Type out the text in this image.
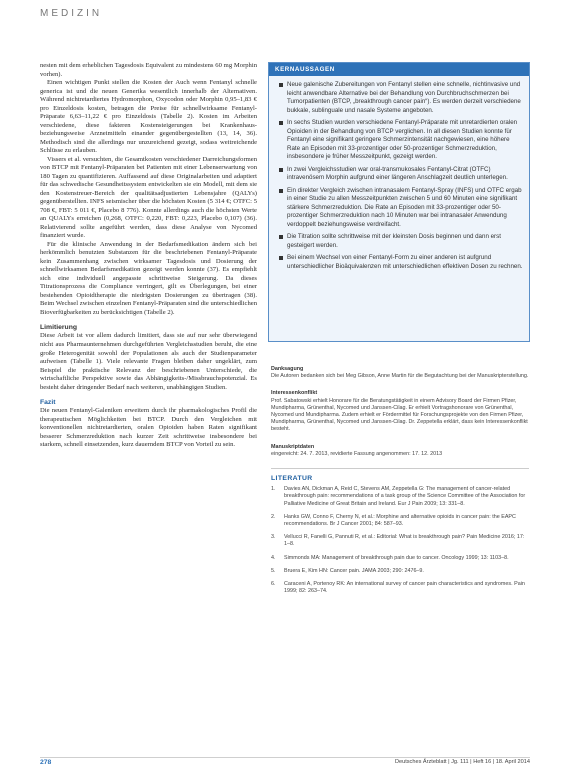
MEDIZIN

nesten mit dem erheblichen Tagesdosis Equivalent zu mindestens 60 mg Morphin vorhen).

Einen wichtigen Punkt stellen die Kosten der Auch wenn Fentanyl schnelle generica ist und die neuen Generika wesentlich innerhalb der Alternativen. Während nichtretardiertes Hydromorphon, Oxycodon oder Morphin 0,95–1,83 € pro Einzeldosis kosten, betragen die Preise für schnellwirksame Fentanyl-Präparate 6,63–11,22 € pro Einzeldosis (Tabelle 2). Kosten im Arbeiten verschiedene, diese fakteren Kostensteigerungen bei Krankenhaus- beziehungsweise Arzneimitteln einander gegenübergestellten (13, 14, 36). Methodisch sind die allerdings nur unzureichend gezeigt, sodass weitreichende Schlüsse zu erlauben.

Vissers et al. versuchten, die Gesamtkosten verschiedener Darreichungsformen von BTCP mit Fentanyl-Präparaten bei Patienten mit einer Lebenserwartung von 180 Tagen zu quantifizieren. Auffassend auf diese Originalarbeiten und adaptiert für das schwedische Gesundheitssystem entwickelten sie ein Modell, mit dem sie den Kostenstreuer-Bereich der qualitätsadjustierten Lebensjahre (QALYs) gegenüberstellten. INFS seismischer über die höchsten Kosten (5 314 €; OTFC: 5 708 €, FBT: 5 011 €, Placebo 8 776). Konnte allerdings auch die höchsten Werte an QUALYs erreichen (0,268, OTFC: 0,220, FBT: 0,223, Placebo 0,107) (36). Relativierend sollte angeführt werden, dass diese Analyse von Nycomed finanziert wurde.

Für die klinische Anwendung in der Bedarfsmedikation ändern sich bei herkömmlich benutzten Substanzen für die beschriebenen Fentanyl-Präparate kein Zusammenhang zwischen wirksamer Tagesdosis und Dosierung der schnellwirksamen Bedarfsmedikation gezeigt werden konnte (37). Es empfiehlt sich eine individuell angepasste schrittweise Steigerung. Da dieses Titrationsprozess die Compliance verringert, gilt es Überlegungen, bei einer bestehenden Opioidtherapie die niedrigsten Dosierungen zu übertragen (38). Beim Wechsel zwischen einzelnen Fentanyl-Präparaten sind die unterschiedlichen Bioverfügbarkeiten zu berücksichtigen (Tabelle 2).

Limitierung

Diese Arbeit ist vor allem dadurch limitiert, dass sie auf nur sehr überwiegend nicht aus Pharmaunternehmen durchgeführten Vergleichsstudien beruht, die eine große Heterogenität sowohl der Populationen als auch der Studienparameter aufweisen (Tabelle 1). Viele relevante Fragen bleiben daher ungeklärt, zum Beispiel die praktische Relevanz der beschriebenen Unterschiede, die wirtschaftliche Perspektive sowie das Abhängigkeits-/Missbrauchspotenzial. Es besteht daher dringender Bedarf nach weiteren, unabhängigen Studien.

Fazit

Die neuen Fentanyl-Galeniken erweitern durch ihr pharmakologisches Profil die therapeutischen Möglichkeiten bei BTCP. Durch den Vergleichen mit konventionellen nichtretardierten, oralen Opioiden haben Raten signifikant besserer Schmerzreduktion nach kurzer Zeit schrittweise insbesondere bei starkem, schnell einsetzenden, kurz dauerndem BTCP von Vorteil zu sein.

KERNAUSSAGEN
Neue galenische Zubereitungen von Fentanyl stellen eine schnelle, nichtinvasive und leicht anwendbare Alternative bei der Behandlung von Durchbruchschmerzen bei Tumorpatienten (BTCP, „breakthrough cancer pain“). Es werden derzeit verschiedene bukkale, sublinguale und nasale Systeme angeboten.
In sechs Studien wurden verschiedene Fentanyl-Präparate mit unretardierten oralen Opioiden in der Behandlung von BTCP verglichen. In all diesen Studien konnte für Fentanyl eine signifikant geringere Schmerzintensität nachgewiesen, eine höhere Rate an Episoden mit 33-prozentiger oder 50-prozentiger Schmerzreduktion, insbesondere je früher Messzeitpunkt, gezeigt werden.
In zwei Vergleichsstudien war oral-transmukosales Fentanyl-Citrat (OTFC) intravenösem Morphin aufgrund einer längeren Anschlagzeit deutlich unterlegen.
Ein direkter Vergleich zwischen intranasalem Fentanyl-Spray (INFS) und OTFC ergab in einer Studie zu allen Messzeitpunkten zwischen 5 und 60 Minuten eine signifikant stärkere Schmerzreduktion. Die Rate an Episoden mit 33-prozentiger oder 50-prozentiger Schmerzreduktion nach 10 Minuten war bei intranasaler Anwendung verdoppelt beziehungsweise verdreifacht.
Die Titration sollte schrittweise mit der kleinsten Dosis beginnen und dann erst gesteigert werden.
Bei einem Wechsel von einer Fentanyl-Form zu einer anderen ist aufgrund unterschiedlicher Bioäquivalenzen mit unterschiedlichen effektiven Dosen zu rechnen.
Danksagung
Die Autoren bedanken sich bei Meg Gibson, Anne Martin für die Begutachtung bei der Manuskripterstellung.
Interessenkonflikt
Prof. Sabatowski erhielt Honorare für die Beratungstätigkeit in einem Advisory Board der Firmen Pfizer, Mundipharma, Grünenthal, Nycomed und Janssen-Cilag. Er erhielt Vortragshonorare von Grünenthal, Nycomed und Mundipharma. Zudem erhielt er Fördermittel für Forschungsprojekte von den Firmen Pfizer, Mundipharma, Grünenthal, Nycomed und Janssen-Cilag. Dr. Zeppetella erklärt, dass kein Interessenkonflikt besteht.
Manuskriptdaten
eingereicht: 24. 7. 2013, revidierte Fassung angenommen: 17. 12. 2013
LITERATUR
1. Davies AN, Dickman A, Reid C, Stevens AM, Zeppetella G: The management of cancer-related breakthrough pain: recommendations of a task group of the Science Committee of the Association for Palliative Medicine of Great Britain and Ireland. Eur J Pain 2009; 13: 331–8.
2. Hanks GW, Conno F, Cherny N, et al.: Morphine and alternative opioids in cancer pain: the EAPC recommendations. Br J Cancer 2001; 84: 587–93.
3. Vellucci R, Fanelli G, Pannuti R, et al.: Editorial: What is breakthrough pain? Pain Medicine 2016; 17: 1–8.
4. Simmonds MA: Management of breakthrough pain due to cancer. Oncology 1999; 13: 1103–8.
5. Bruera E, Kim HN: Cancer pain. JAMA 2003; 290: 2476–9.
6. Caraceni A, Portenoy RK: An international survey of cancer pain characteristics and syndromes. Pain 1999; 82: 263–74.
278	Deutsches Ärzteblatt | Jg. 111 | Heft 16 | 18. April 2014
